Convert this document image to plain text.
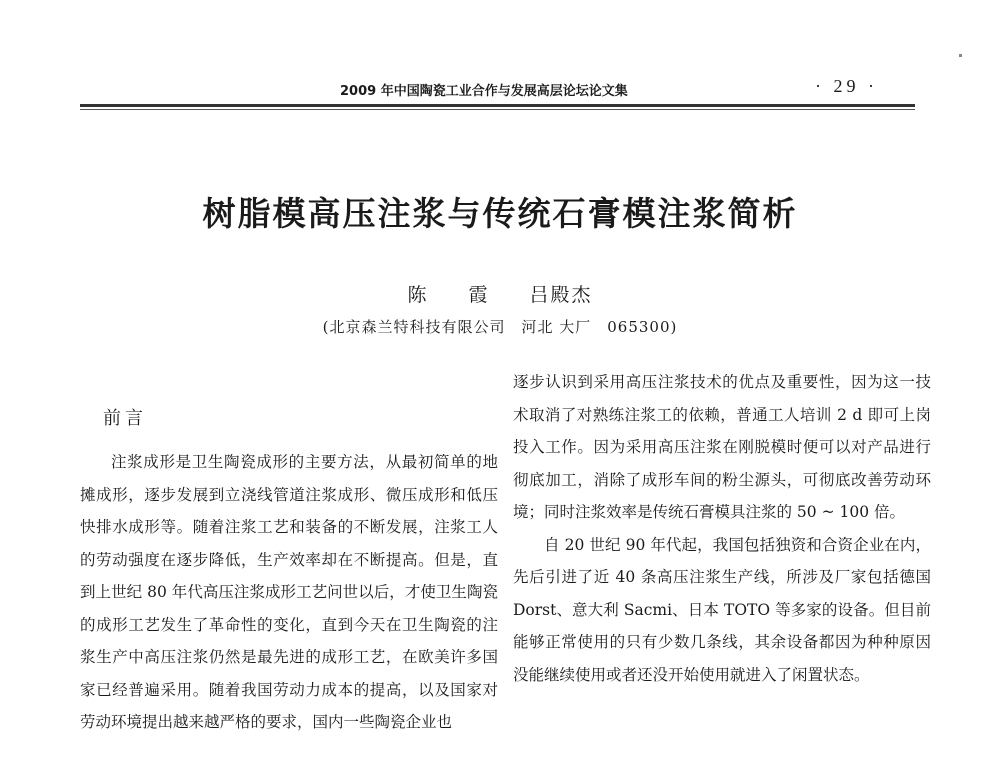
2009 年中国陶瓷工业合作与发展高层论坛论文集	· 29 ·
树脂模高压注浆与传统石膏模注浆简析
陈 霞 吕殿杰
(北京森兰特科技有限公司　河北 大厂　065300)
前言

注浆成形是卫生陶瓷成形的主要方法，从最初简单的地摊成形，逐步发展到立浇线管道注浆成形、微压成形和低压快排水成形等。随着注浆工艺和装备的不断发展，注浆工人的劳动强度在逐步降低，生产效率却在不断提高。但是，直到上世纪 80 年代高压注浆成形工艺问世以后，才使卫生陶瓷的成形工艺发生了革命性的变化，直到今天在卫生陶瓷的注浆生产中高压注浆仍然是最先进的成形工艺，在欧美许多国家已经普遍采用。随着我国劳动力成本的提高，以及国家对劳动环境提出越来越严格的要求，国内一些陶瓷企业也

逐步认识到采用高压注浆技术的优点及重要性，因为这一技术取消了对熟练注浆工的依赖，普通工人培训 2 d 即可上岗投入工作。因为采用高压注浆在刚脱模时便可以对产品进行彻底加工，消除了成形车间的粉尘源头，可彻底改善劳动环境；同时注浆效率是传统石膏模具注浆的 50 ~ 100 倍。

自 20 世纪 90 年代起，我国包括独资和合资企业在内，先后引进了近 40 条高压注浆生产线，所涉及厂家包括德国 Dorst、意大利 Sacmi、日本 TOTO 等多家的设备。但目前能够正常使用的只有少数几条线，其余设备都因为种种原因没能继续使用或者还没开始使用就进入了闲置状态。
